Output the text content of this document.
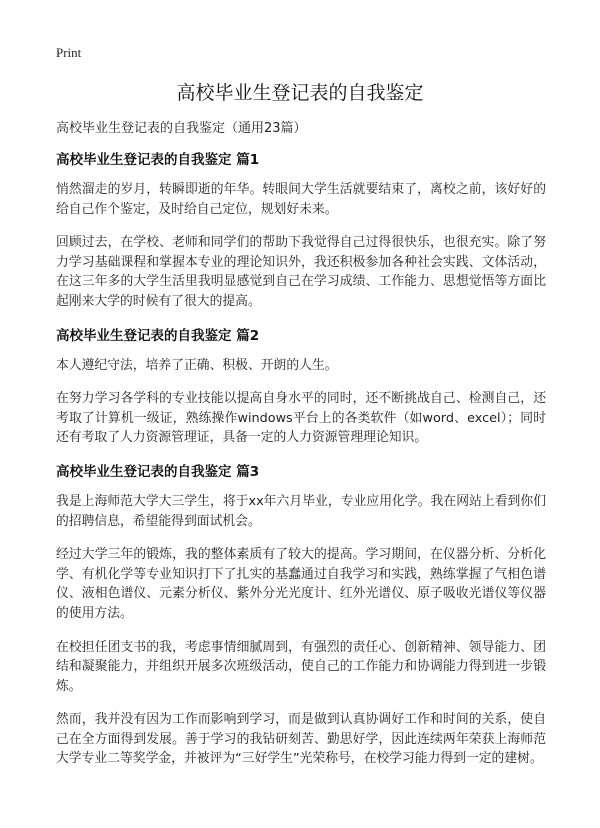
Print
高校毕业生登记表的自我鉴定
高校毕业生登记表的自我鉴定（通用23篇）
高校毕业生登记表的自我鉴定 篇1

悄然溜走的岁月，转瞬即逝的年华。转眼间大学生活就要结束了，离校之前，该好好的给自己作个鉴定，及时给自己定位，规划好未来。

回顾过去，在学校、老师和同学们的帮助下我觉得自己过得很快乐，也很充实。除了努力学习基础课程和掌握本专业的理论知识外，我还积极参加各种社会实践、文体活动，在这三年多的大学生活里我明显感觉到自己在学习成绩、工作能力、思想觉悟等方面比起刚来大学的时候有了很大的提高。

高校毕业生登记表的自我鉴定 篇2

本人遵纪守法，培养了正确、积极、开朗的人生。

在努力学习各学科的专业技能以提高自身水平的同时，还不断挑战自己、检测自己，还考取了计算机一级证，熟练操作windows平台上的各类软件（如word、excel）；同时还有考取了人力资源管理证，具备一定的人力资源管理理论知识。

高校毕业生登记表的自我鉴定 篇3

我是上海师范大学大三学生，将于xx年六月毕业，专业应用化学。我在网站上看到你们的招聘信息，希望能得到面试机会。

经过大学三年的锻炼，我的整体素质有了较大的提高。学习期间，在仪器分析、分析化学、有机化学等专业知识打下了扎实的基蠢通过自我学习和实践，熟练掌握了气相色谱仪、液相色谱仪、元素分析仪、紫外分光光度计、红外光谱仪、原子吸收光谱仪等仪器的使用方法。

在校担任团支书的我，考虑事情细腻周到，有强烈的责任心、创新精神、领导能力、团结和凝聚能力，并组织开展多次班级活动，使自己的工作能力和协调能力得到进一步锻炼。

然而，我并没有因为工作而影响到学习，而是做到认真协调好工作和时间的关系，使自己在全方面得到发展。善于学习的我钻研刻苦、勤思好学，因此连续两年荣获上海师范大学专业二等奖学金，并被评为“三好学生”光荣称号，在校学习能力得到一定的建树。
